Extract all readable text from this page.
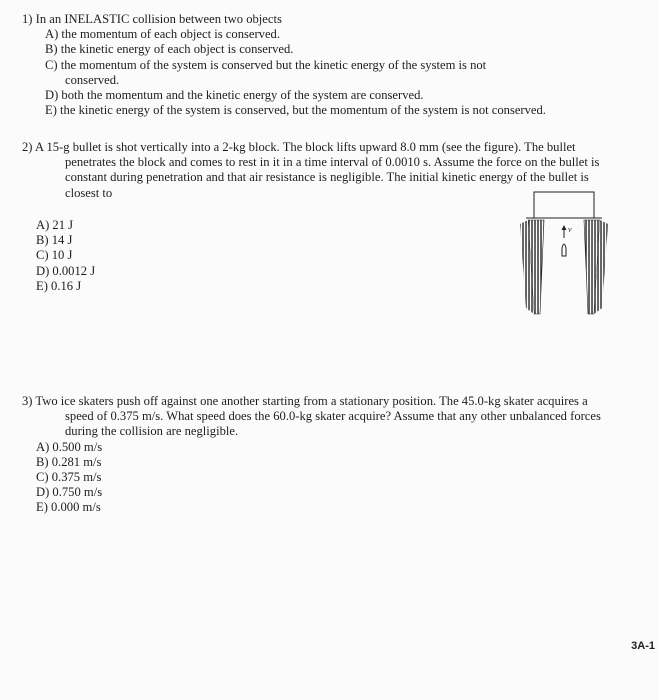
1) In an INELASTIC collision between two objects
A) the momentum of each object is conserved.
B) the kinetic energy of each object is conserved.
C) the momentum of the system is conserved but the kinetic energy of the system is not
conserved.
D) both the momentum and the kinetic energy of the system are conserved.
E) the kinetic energy of the system is conserved, but the momentum of the system is not conserved.
2) A 15-g bullet is shot vertically into a 2-kg block. The block lifts upward 8.0 mm (see the figure). The bullet
penetrates the block and comes to rest in it in a time interval of 0.0010 s. Assume the force on the bullet is
constant during penetration and that air resistance is negligible. The initial kinetic energy of the bullet is
closest to
A) 21 J
B) 14 J
C) 10 J
D) 0.0012 J
E) 0.16 J
v
3) Two ice skaters push off against one another starting from a stationary position. The 45.0-kg skater acquires a
speed of 0.375 m/s. What speed does the 60.0-kg skater acquire? Assume that any other unbalanced forces
during the collision are negligible.
A) 0.500 m/s
B) 0.281 m/s
C) 0.375 m/s
D) 0.750 m/s
E) 0.000 m/s
3A-1
